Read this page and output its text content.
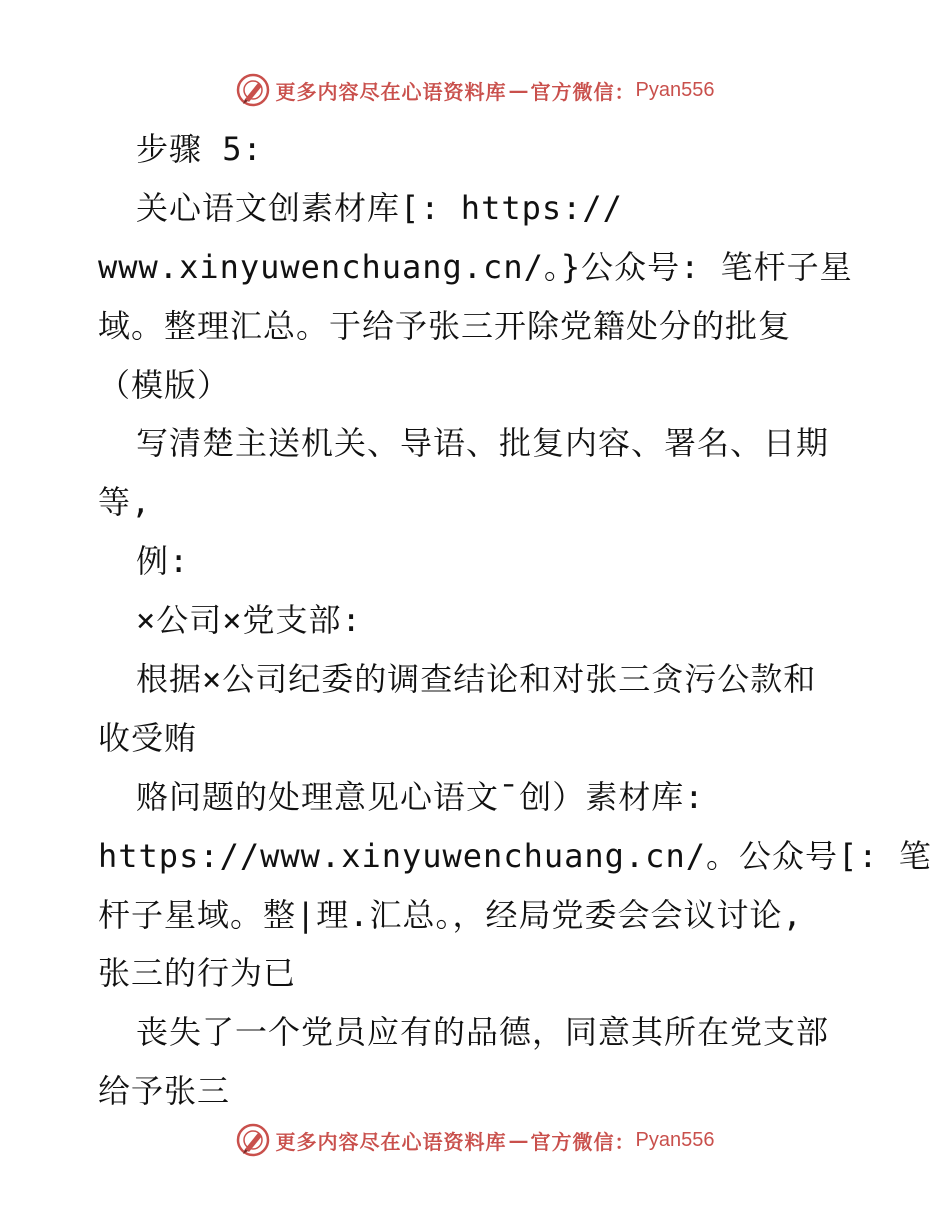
更多内容尽在心语资料库 — 官方微信： Pyan556
步骤 5:
关心语文创素材库[: https://
www.xinyuwenchuang.cn/。}公众号: 笔杆子星
域。整理汇总。于给予张三开除党籍处分的批复
（模版）
写清楚主送机关、导语、批复内容、署名、日期
等,
例:
×公司×党支部:
根据×公司纪委的调查结论和对张三贪污公款和
收受贿
赂问题的处理意见心语文¯创）素材库:
https://www.xinyuwenchuang.cn/。公众号[: 笔
杆子星域。整|理.汇总。，经局党委会会议讨论,
张三的行为已
丧失了一个党员应有的品德，同意其所在党支部
给予张三
更多内容尽在心语资料库 — 官方微信： Pyan556
